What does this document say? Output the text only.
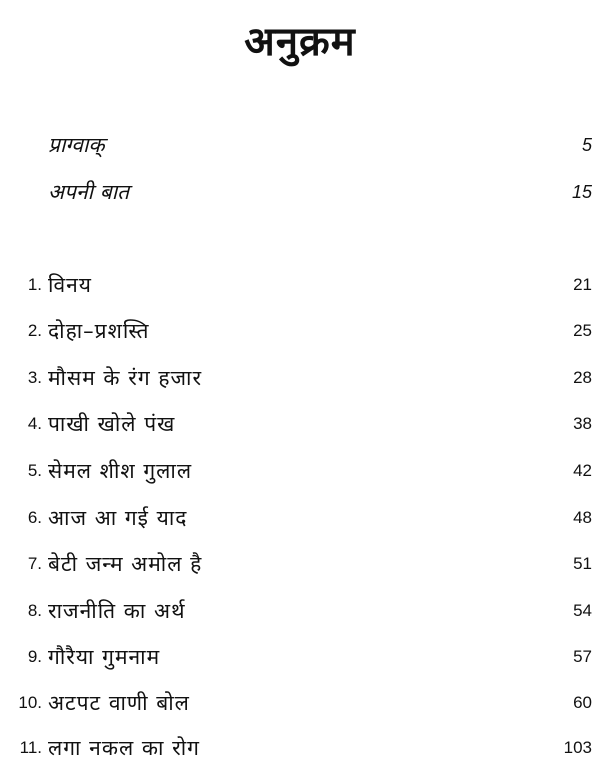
अनुक्रम
प्राग्वाक्	5
अपनी बात	15
1. विनय	21
2. दोहा–प्रशस्ति	25
3. मौसम के रंग हजार	28
4. पाखी खोले पंख	38
5. सेमल शीश गुलाल	42
6. आज आ गई याद	48
7. बेटी जन्म अमोल है	51
8. राजनीति का अर्थ	54
9. गौरैया गुमनाम	57
10. अटपट वाणी बोल	60
11. लगा नकल का रोग	103
